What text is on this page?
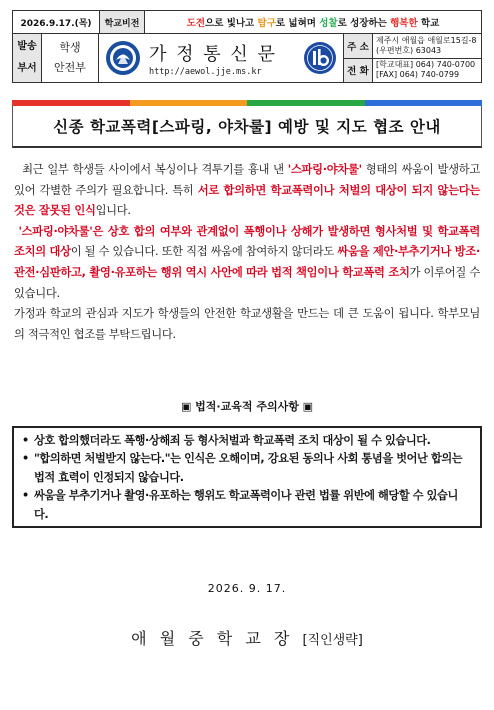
2026.9.17.(목)	학교비전	도전 으로 빛나고 탐구 로 넓혀며 성찰 로 성장하는 행복한 학교
발송
부서
학생
안전부
가 정 통 신 문
http://aewol.jje.ms.kr
주 소
전 화
제주시 애월읍 애월로15길-8
(우편번호) 63043
[학교대표] 064) 740-0700
[FAX] 064) 740-0799
신종 학교폭력[스파링, 야차룰] 예방 및 지도 협조 안내

최근 일부 학생들 사이에서 복싱이나 격투기를 흉내 낸 '스파링·야차룰' 형태의 싸움이 발생하고 있어 각별한 주의가 필요합니다. 특히 서로 합의하면 학교폭력이나 처벌의 대상이 되지 않는다는 것은 잘못된 인식입니다.

'스파링·야차룰'은 상호 합의 여부와 관계없이 폭행이나 상해가 발생하면 형사처벌 및 학교폭력 조치의 대상이 될 수 있습니다. 또한 직접 싸움에 참여하지 않더라도 싸움을 제안·부추기거나 방조·관전·심판하고, 촬영·유포하는 행위 역시 사안에 따라 법적 책임이나 학교폭력 조치가 이루어질 수 있습니다.

가정과 학교의 관심과 지도가 학생들의 안전한 학교생활을 만드는 데 큰 도움이 됩니다. 학부모님의 적극적인 협조를 부탁드립니다.

▣ 법적·교육적 주의사항 ▣
• 상호 합의했더라도 폭행·상해죄 등 형사처벌과 학교폭력 조치 대상이 될 수 있습니다.
• "합의하면 처벌받지 않는다."는 인식은 오해이며, 강요된 동의나 사회 통념을 벗어난 합의는 법적 효력이 인정되지 않습니다.
• 싸움을 부추기거나 촬영·유포하는 행위도 학교폭력이나 관련 법률 위반에 해당할 수 있습니다.
2026. 9. 17.
애 월 중 학 교 장 [직인생략]
